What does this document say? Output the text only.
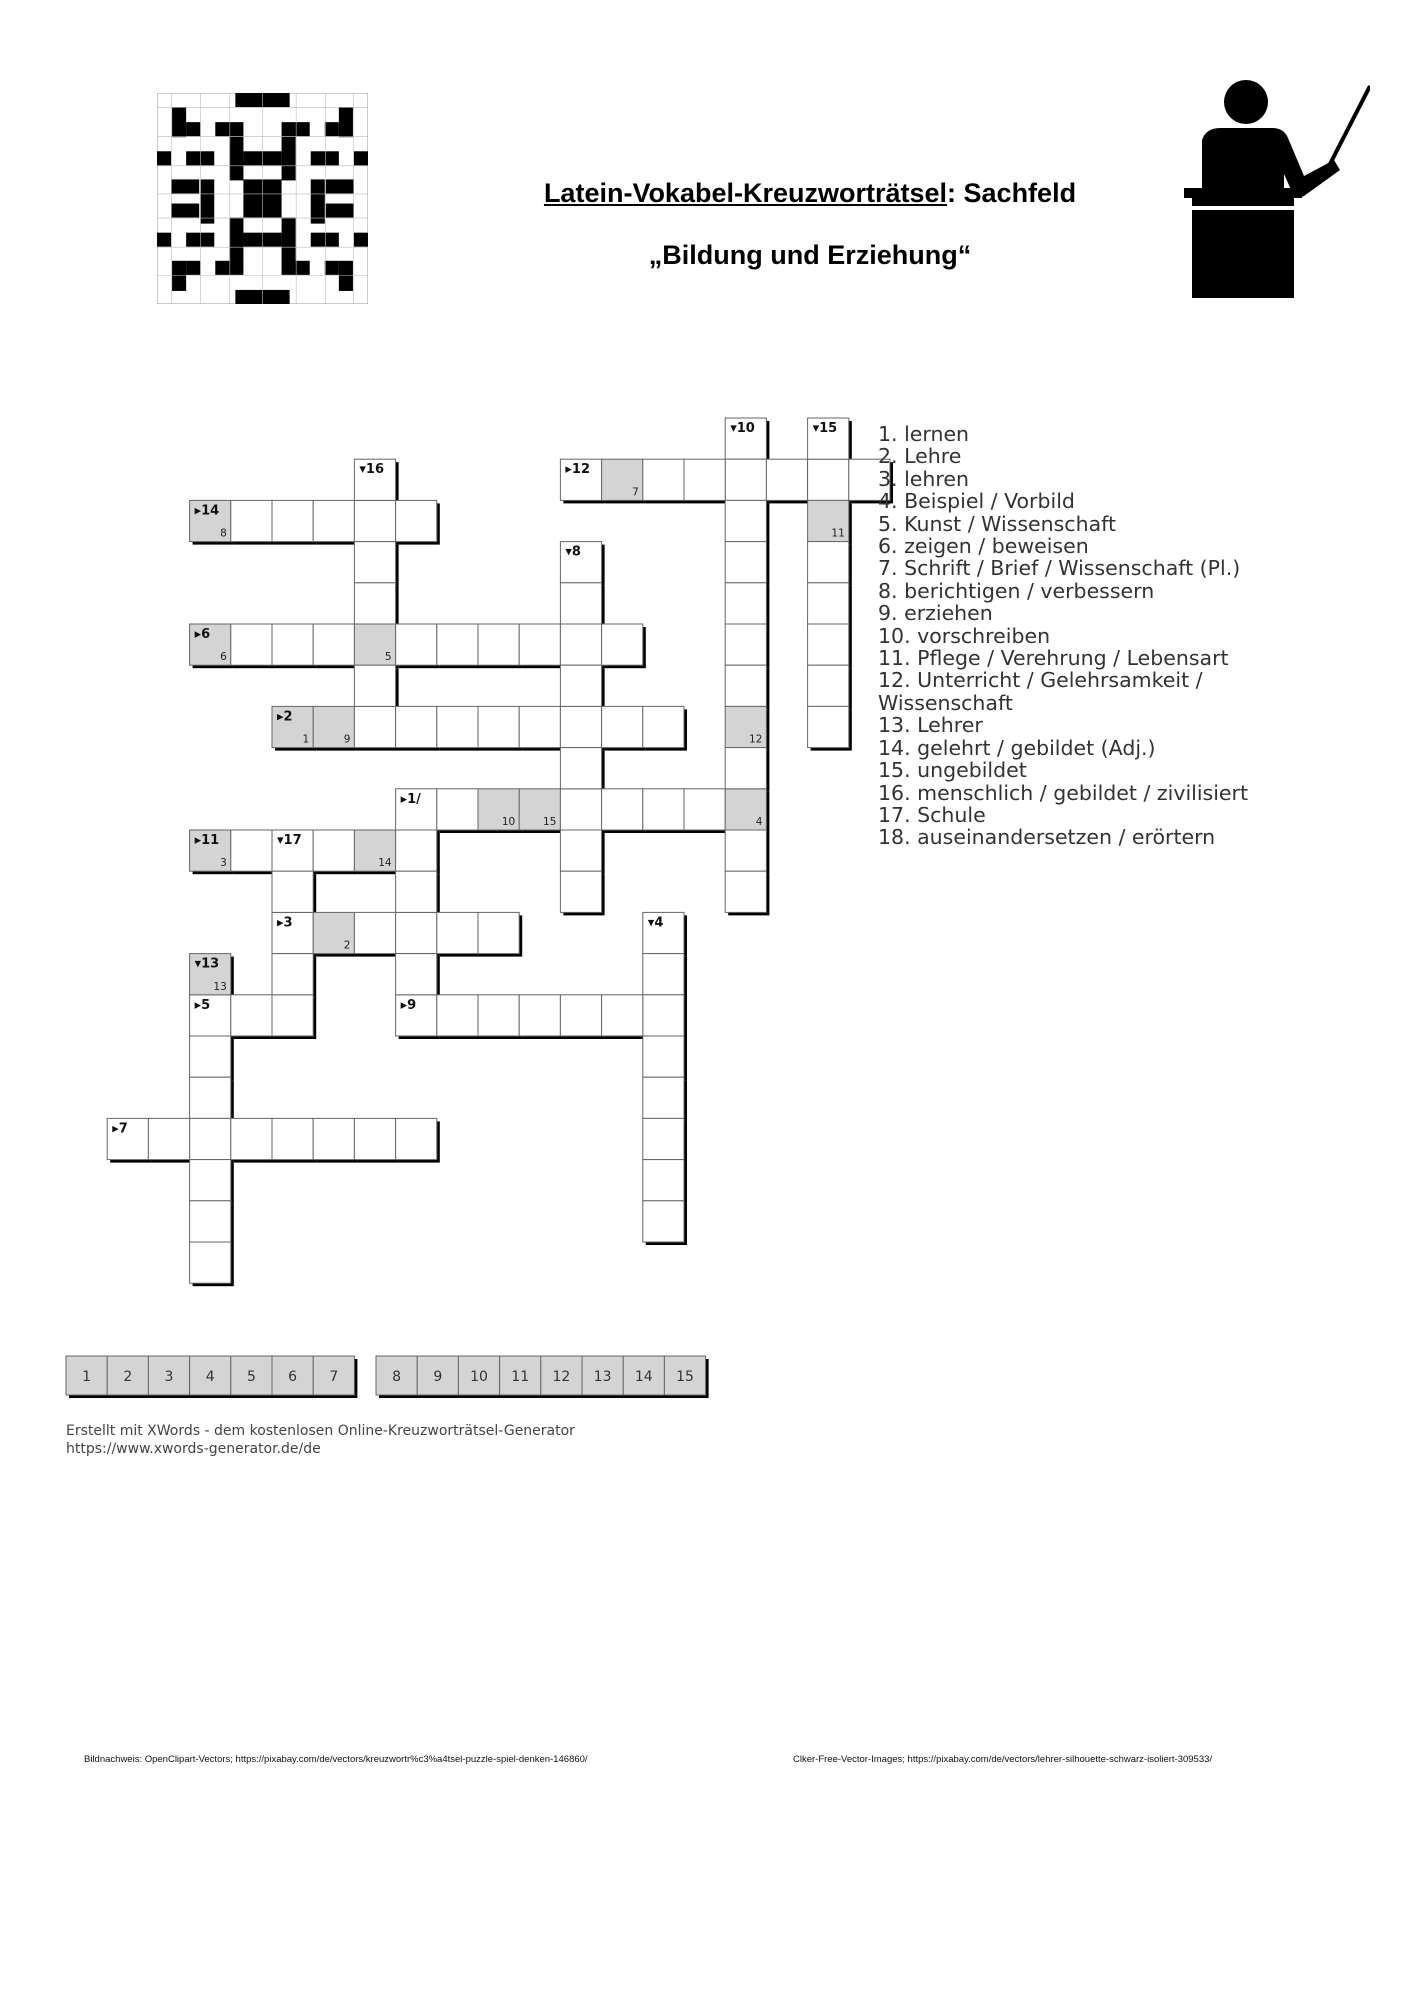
Latein-Vokabel-Kreuzworträtsel: Sachfeld
„Bildung und Erziehung“
10	15	4
1	9
2
6	5
12
3	14
7
13
8	11
▸1/
▸2
▸3	▾4
▸5
▸6
▸7
▾8
▸9
▾10
▸11
▸12
▾13
▸14
▾15
▾16
▾17
1 2 3 4 5 6 7	8 9 10 11 12 13 14 15
1. lernen
2. Lehre
3. lehren
4. Beispiel / Vorbild
5. Kunst / Wissenschaft
6. zeigen / beweisen
7. Schrift / Brief / Wissenschaft (Pl.)
8. berichtigen / verbessern
9. erziehen
10. vorschreiben
11. Pflege / Verehrung / Lebensart
12. Unterricht / Gelehrsamkeit /
Wissenschaft
13. Lehrer
14. gelehrt / gebildet (Adj.)
15. ungebildet
16. menschlich / gebildet / zivilisiert
17. Schule
18. auseinandersetzen / erörtern
Erstellt mit XWords - dem kostenlosen Online-Kreuzworträtsel-Generator
https://www.xwords-generator.de/de
Bildnachweis: OpenClipart-Vectors; https://pixabay.com/de/vectors/kreuzwortr%c3%a4tsel-puzzle-spiel-denken-146860/	Clker-Free-Vector-Images; https://pixabay.com/de/vectors/lehrer-silhouette-schwarz-isoliert-309533/
